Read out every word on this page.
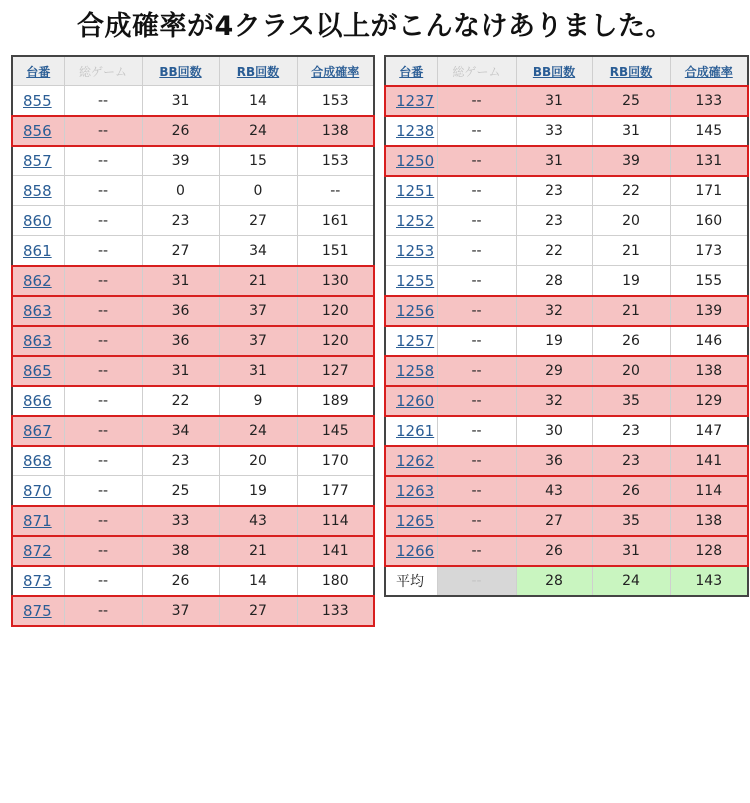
合成確率が4クラス以上がこんなけありました。
台番	総ゲーム	BB回数	RB回数	合成確率
855	--	31	14	153
856	--	26	24	138
857	--	39	15	153
858	--	0	0	--
860	--	23	27	161
861	--	27	34	151
862	--	31	21	130
863	--	36	37	120
863	--	36	37	120
865	--	31	31	127
866	--	22	9	189
867	--	34	24	145
868	--	23	20	170
870	--	25	19	177
871	--	33	43	114
872	--	38	21	141
873	--	26	14	180
875	--	37	27	133
台番	総ゲーム	BB回数	RB回数	合成確率
1237	--	31	25	133
1238	--	33	31	145
1250	--	31	39	131
1251	--	23	22	171
1252	--	23	20	160
1253	--	22	21	173
1255	--	28	19	155
1256	--	32	21	139
1257	--	19	26	146
1258	--	29	20	138
1260	--	32	35	129
1261	--	30	23	147
1262	--	36	23	141
1263	--	43	26	114
1265	--	27	35	138
1266	--	26	31	128
平均	--	28	24	143
